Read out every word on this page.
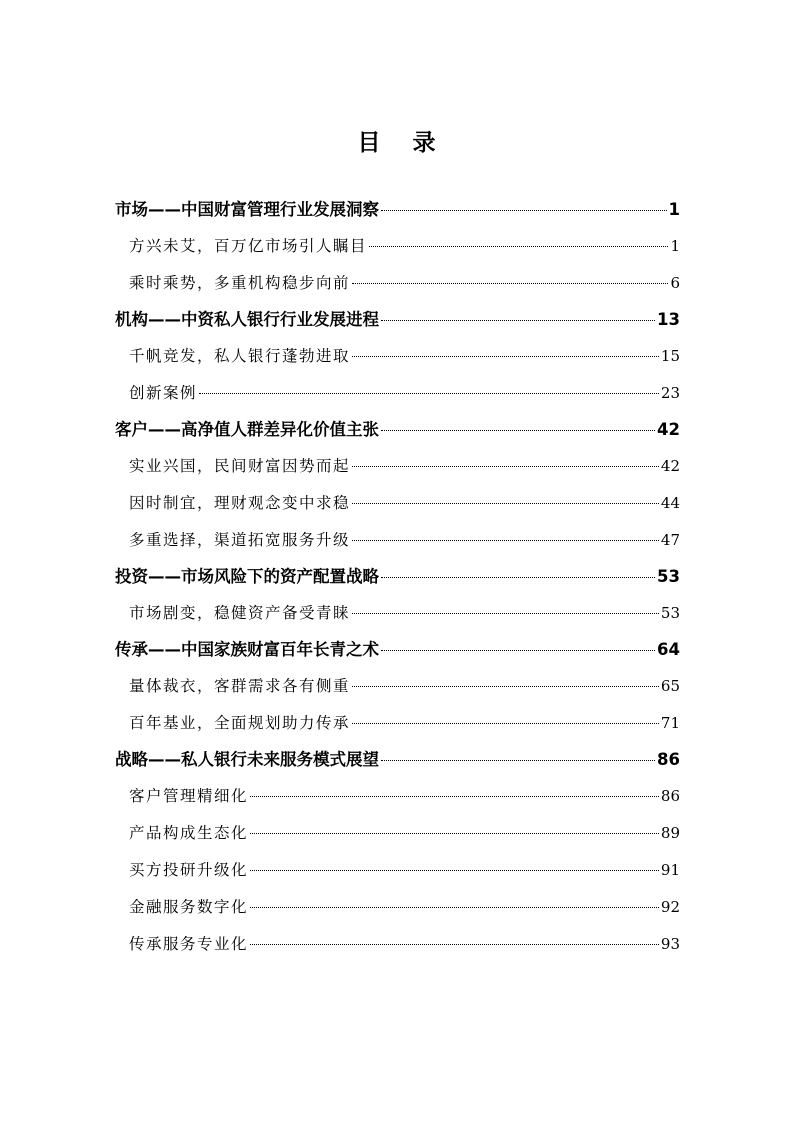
目 录
市场——中国财富管理行业发展洞察	1
方兴未艾，百万亿市场引人瞩目	1
乘时乘势，多重机构稳步向前	6
机构——中资私人银行行业发展进程	13
千帆竞发，私人银行蓬勃进取	15
创新案例	23
客户——高净值人群差异化价值主张	42
实业兴国，民间财富因势而起	42
因时制宜，理财观念变中求稳	44
多重选择，渠道拓宽服务升级	47
投资——市场风险下的资产配置战略	53
市场剧变，稳健资产备受青睐	53
传承——中国家族财富百年长青之术	64
量体裁衣，客群需求各有侧重	65
百年基业，全面规划助力传承	71
战略——私人银行未来服务模式展望	86
客户管理精细化	86
产品构成生态化	89
买方投研升级化	91
金融服务数字化	92
传承服务专业化	93
